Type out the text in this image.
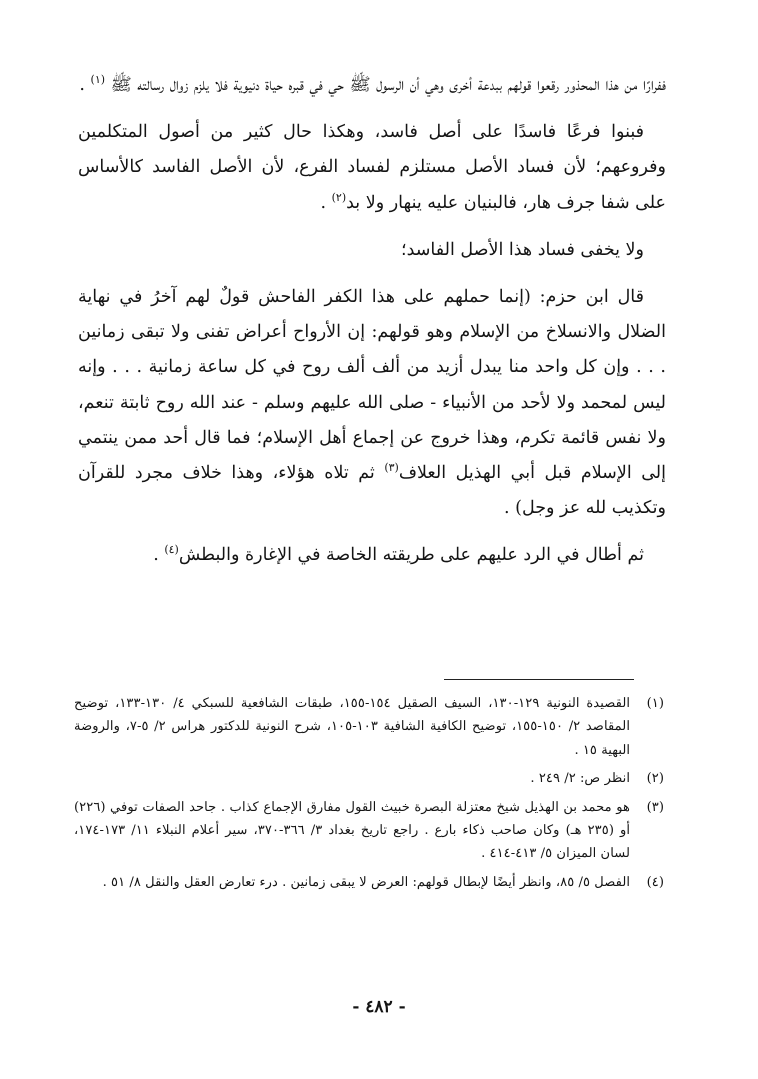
ففرارًا من هذا المحذور رقعوا قولهم ببدعة أخرى وهي أن الرسول ﷺ حي في قبره حياة دنيوية فلا يلزم زوال رسالته ﷺ $^{(١)}$ .

فبنوا فرعًا فاسدًا على أصل فاسد، وهكذا حال كثير من أصول المتكلمين وفروعهم؛ لأن فساد الأصل مستلزم لفساد الفرع، لأن الأصل الفاسد كالأساس على شفا جرف هار، فالبنيان عليه ينهار ولا بد$^{(٢)}$ .

ولا يخفى فساد هذا الأصل الفاسد؛

قال ابن حزم: (إنما حملهم على هذا الكفر الفاحش قولٌ لهم آخرُ في نهاية الضلال والانسلاخ من الإسلام وهو قولهم: إن الأرواح أعراض تفنى ولا تبقى زمانين . . . وإن كل واحد منا يبدل أزيد من ألف ألف روح في كل ساعة زمانية . . . وإنه ليس لمحمد ولا لأحد من الأنبياء - صلى الله عليهم وسلم - عند الله روح ثابتة تنعم، ولا نفس قائمة تكرم، وهذا خروج عن إجماع أهل الإسلام؛ فما قال أحد ممن ينتمي إلى الإسلام قبل أبي الهذيل العلاف$^{(٣)}$ ثم تلاه هؤلاء، وهذا خلاف مجرد للقرآن وتكذيب لله عز وجل) .

ثم أطال في الرد عليهم على طريقته الخاصة في الإغارة والبطش$^{(٤)}$ .

(١)
القصيدة النونية ١٢٩-١٣٠، السيف الصقيل ١٥٤-١٥٥، طبقات الشافعية للسبكي ٤/ ١٣٠-١٣٣، توضيح المقاصد ٢/ ١٥٠-١٥٥، توضيح الكافية الشافية ١٠٣-١٠٥، شرح النونية للدكتور هراس ٢/ ٥-٧، والروضة البهية ١٥ .
(٢)
انظر ص: ٢/ ٢٤٩ .
(٣)
هو محمد بن الهذيل شيخ معتزلة البصرة خبيث القول مفارق الإجماع كذاب . جاحد الصفات توفي (٢٢٦) أو (٢٣٥ هـ) وكان صاحب ذكاء بارع . راجع تاريخ بغداد ٣/ ٣٦٦-٣٧٠، سير أعلام النبلاء ١١/ ١٧٣-١٧٤، لسان الميزان ٥/ ٤١٣-٤١٤ .
(٤)
الفصل ٥/ ٨٥، وانظر أيضًا لإبطال قولهم: العرض لا يبقى زمانين . درء تعارض العقل والنقل ٨/ ٥١ .
- ٤٨٢ -
